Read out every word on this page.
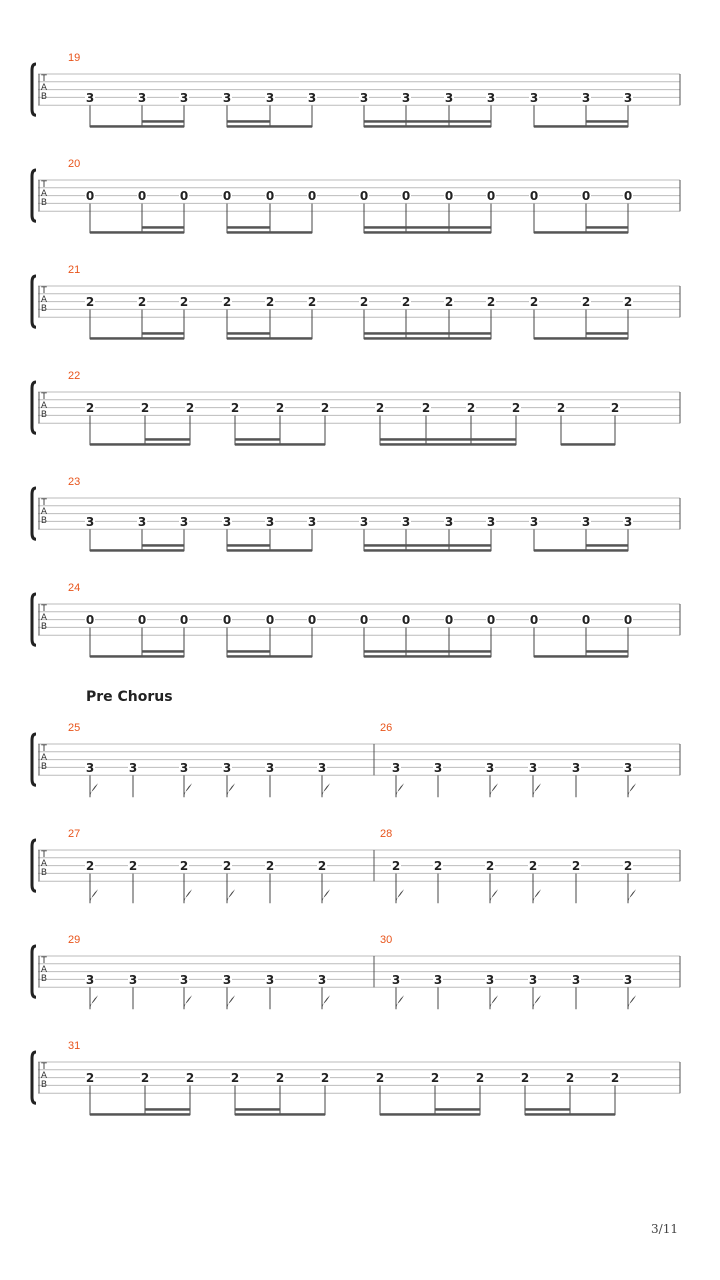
T
A
B
19
3	3	3	3	3	3	3	3	3	3	3	3	3
T
A
B
20
0	0	0	0	0	0	0	0	0	0	0	0	0
T
A
B
21
2	2	2	2	2	2	2	2	2	2	2	2	2
T
A
B
22
2	2	2	2	2	2	2	2	2	2	2	2
T
A
B
23
3	3	3	3	3	3	3	3	3	3	3	3	3
T
A
B
24
0	0	0	0	0	0	0	0	0	0	0	0	0
T
A
B
25
3	3	3	3	3	3
26
3	3	3	3	3	3
T
A
B
27
2	2	2	2	2	2
28
2	2	2	2	2	2
T
A
B
29
3	3	3	3	3	3
30
3	3	3	3	3	3
T
A
B
31
2	2	2	2	2	2	2	2	2	2	2	2
Pre Chorus
3/11
